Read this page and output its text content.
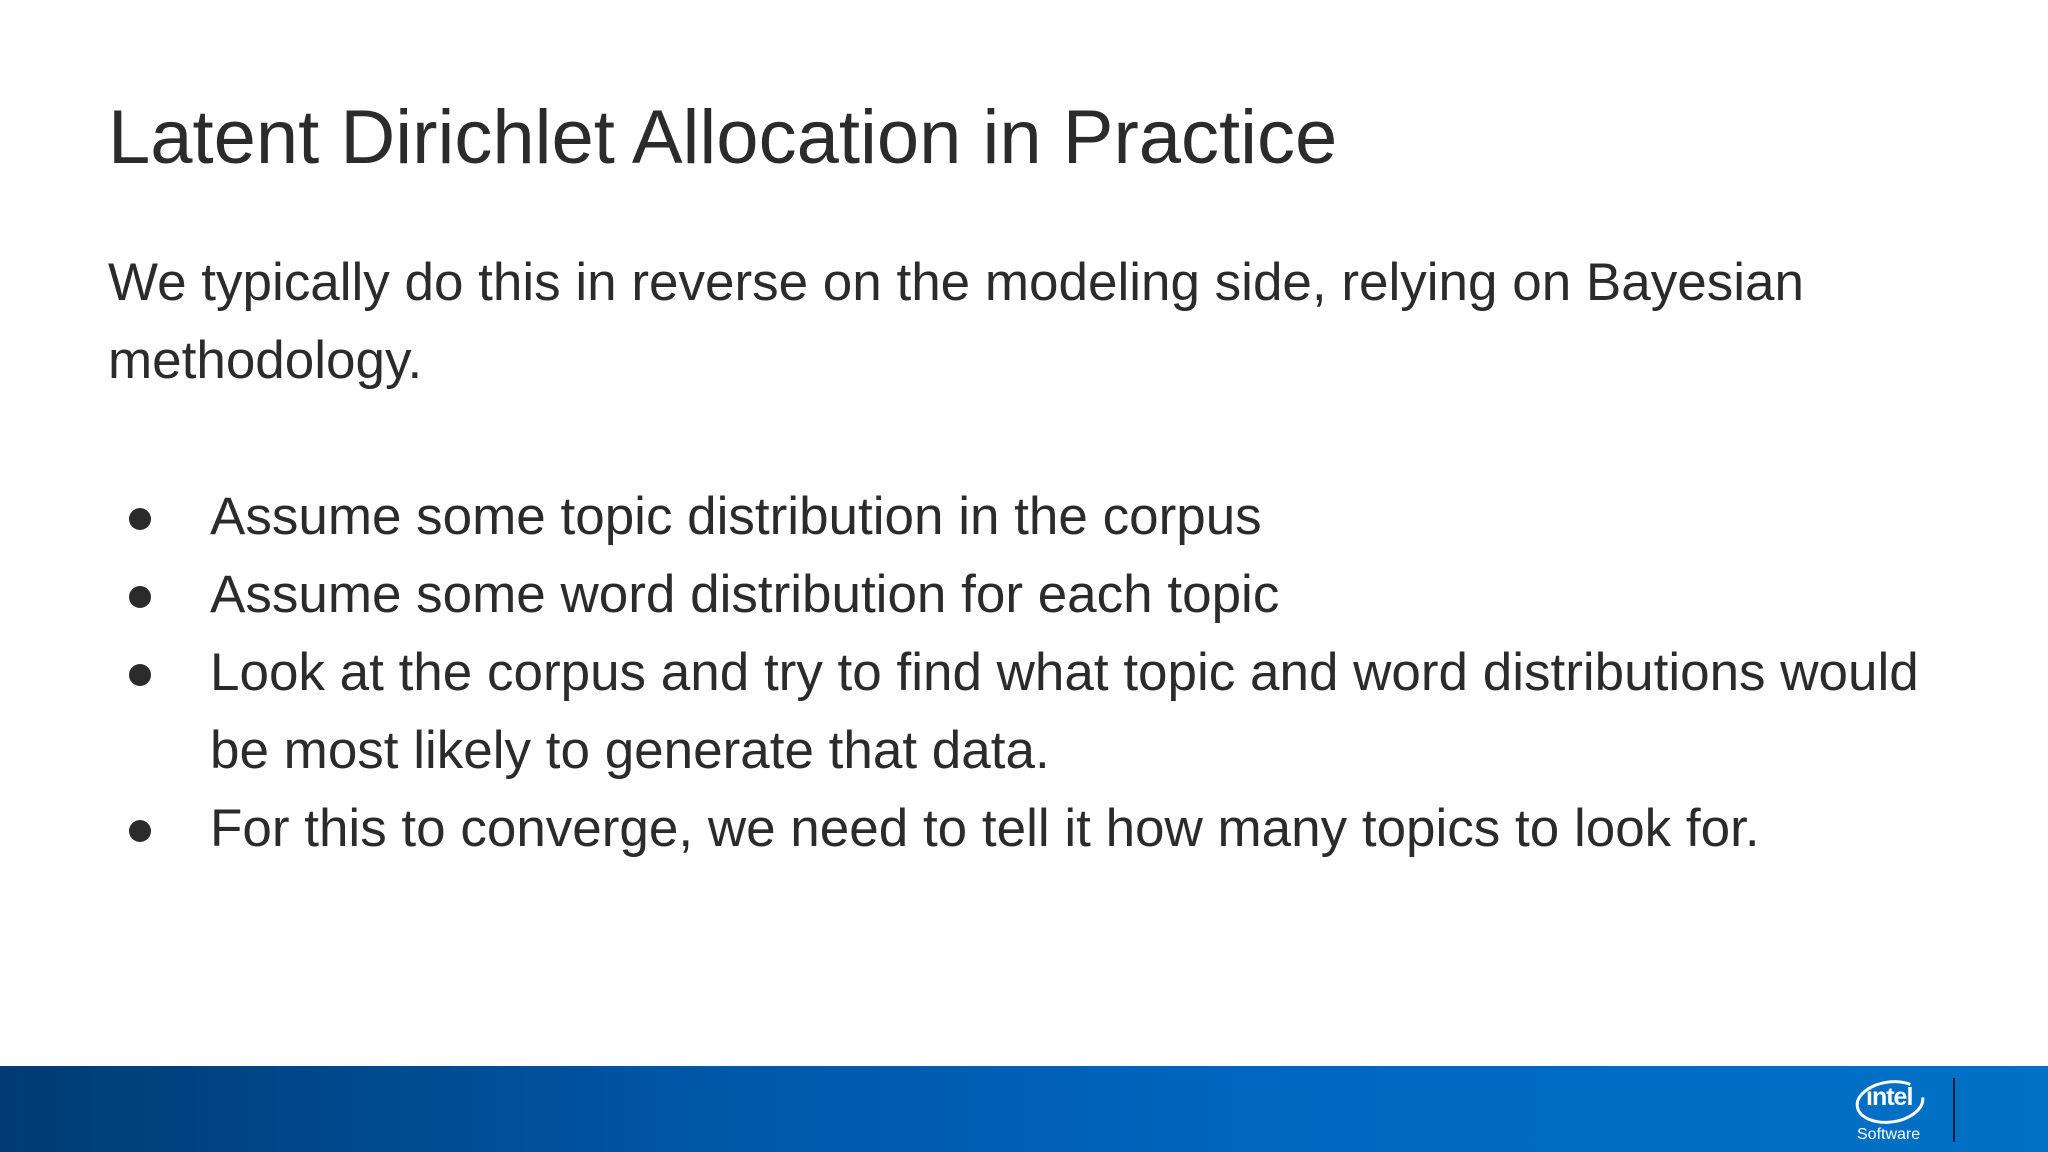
Latent Dirichlet Allocation in Practice

We typically do this in reverse on the modeling side, relying on Bayesian methodology.

Assume some topic distribution in the corpus
Assume some word distribution for each topic
Look at the corpus and try to find what topic and word distributions would be most likely to generate that data.
For this to converge, we need to tell it how many topics to look for.
intel
Software
